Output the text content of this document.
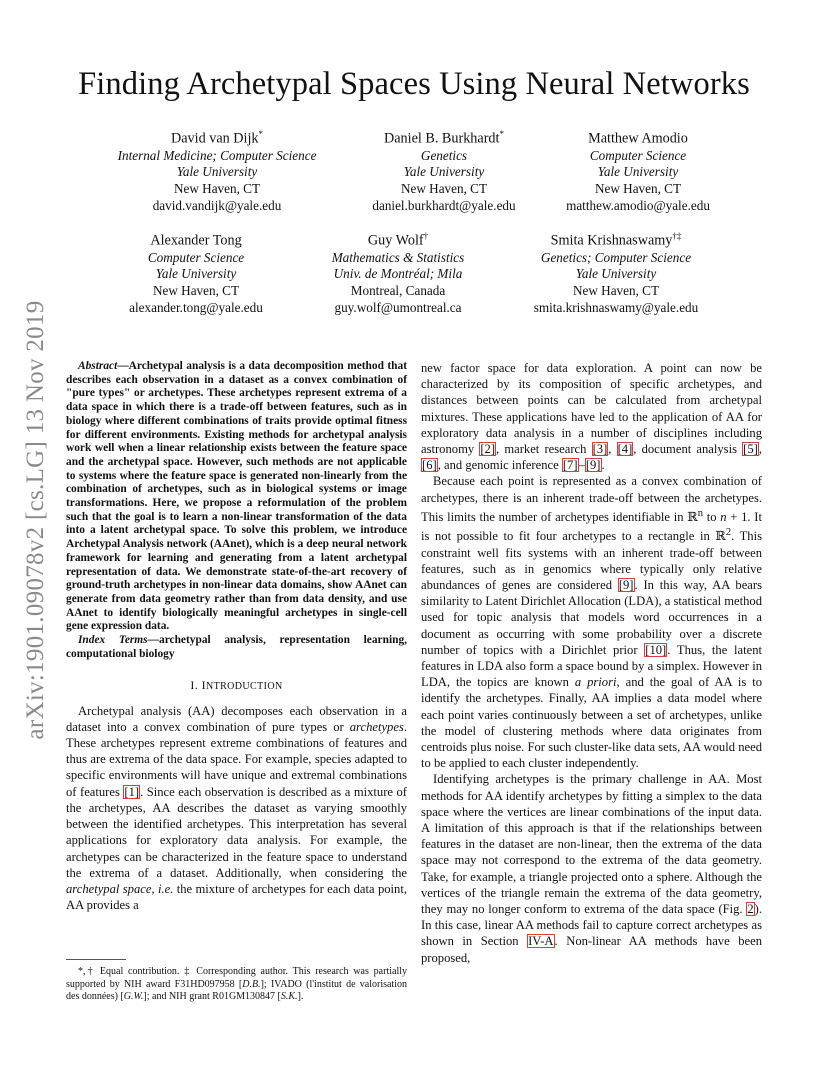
arXiv:1901.09078v2 [cs.LG] 13 Nov 2019
Finding Archetypal Spaces Using Neural Networks
David van Dijk*
Internal Medicine; Computer Science
Yale University
New Haven, CT
david.vandijk@yale.edu
Daniel B. Burkhardt*
Genetics
Yale University
New Haven, CT
daniel.burkhardt@yale.edu
Matthew Amodio
Computer Science
Yale University
New Haven, CT
matthew.amodio@yale.edu
Alexander Tong
Computer Science
Yale University
New Haven, CT
alexander.tong@yale.edu
Guy Wolf†
Mathematics & Statistics
Univ. de Montréal; Mila
Montreal, Canada
guy.wolf@umontreal.ca
Smita Krishnaswamy†‡
Genetics; Computer Science
Yale University
New Haven, CT
smita.krishnaswamy@yale.edu

Abstract—Archetypal analysis is a data decomposition method that describes each observation in a dataset as a convex combination of "pure types" or archetypes. These archetypes represent extrema of a data space in which there is a trade-off between features, such as in biology where different combinations of traits provide optimal fitness for different environments. Existing methods for archetypal analysis work well when a linear relationship exists between the feature space and the archetypal space. However, such methods are not applicable to systems where the feature space is generated non-linearly from the combination of archetypes, such as in biological systems or image transformations. Here, we propose a reformulation of the problem such that the goal is to learn a non-linear transformation of the data into a latent archetypal space. To solve this problem, we introduce Archetypal Analysis network (AAnet), which is a deep neural network framework for learning and generating from a latent archetypal representation of data. We demonstrate state-of-the-art recovery of ground-truth archetypes in non-linear data domains, show AAnet can generate from data geometry rather than from data density, and use AAnet to identify biologically meaningful archetypes in single-cell gene expression data.

Index Terms—archetypal analysis, representation learning, computational biology

I. INTRODUCTION

Archetypal analysis (AA) decomposes each observation in a dataset into a convex combination of pure types or archetypes. These archetypes represent extreme combinations of features and thus are extrema of the data space. For example, species adapted to specific environments will have unique and extremal combinations of features [1]. Since each observation is described as a mixture of the archetypes, AA describes the dataset as varying smoothly between the identified archetypes. This interpretation has several applications for exploratory data analysis. For example, the archetypes can be characterized in the feature space to understand the extrema of a dataset. Additionally, when considering the archetypal space, i.e. the mixture of archetypes for each data point, AA provides a

*,† Equal contribution. ‡ Corresponding author. This research was partially supported by NIH award F31HD097958 [D.B.]; IVADO (l'institut de valorisation des données) [G.W.]; and NIH grant R01GM130847 [S.K.].

new factor space for data exploration. A point can now be characterized by its composition of specific archetypes, and distances between points can be calculated from archetypal mixtures. These applications have led to the application of AA for exploratory data analysis in a number of disciplines including astronomy [2], market research [3], [4], document analysis [5], [6], and genomic inference [7]–[9].

Because each point is represented as a convex combination of archetypes, there is an inherent trade-off between the archetypes. This limits the number of archetypes identifiable in ℝ$^n$ to n + 1. It is not possible to fit four archetypes to a rectangle in ℝ$^2$. This constraint well fits systems with an inherent trade-off between features, such as in genomics where typically only relative abundances of genes are considered [9]. In this way, AA bears similarity to Latent Dirichlet Allocation (LDA), a statistical method used for topic analysis that models word occurrences in a document as occurring with some probability over a discrete number of topics with a Dirichlet prior [10]. Thus, the latent features in LDA also form a space bound by a simplex. However in LDA, the topics are known a priori, and the goal of AA is to identify the archetypes. Finally, AA implies a data model where each point varies continuously between a set of archetypes, unlike the model of clustering methods where data originates from centroids plus noise. For such cluster-like data sets, AA would need to be applied to each cluster independently.

Identifying archetypes is the primary challenge in AA. Most methods for AA identify archetypes by fitting a simplex to the data space where the vertices are linear combinations of the input data. A limitation of this approach is that if the relationships between features in the dataset are non-linear, then the extrema of the data space may not correspond to the extrema of the data geometry. Take, for example, a triangle projected onto a sphere. Although the vertices of the triangle remain the extrema of the data geometry, they may no longer conform to extrema of the data space (Fig. 2). In this case, linear AA methods fail to capture correct archetypes as shown in Section IV-A. Non-linear AA methods have been proposed,
